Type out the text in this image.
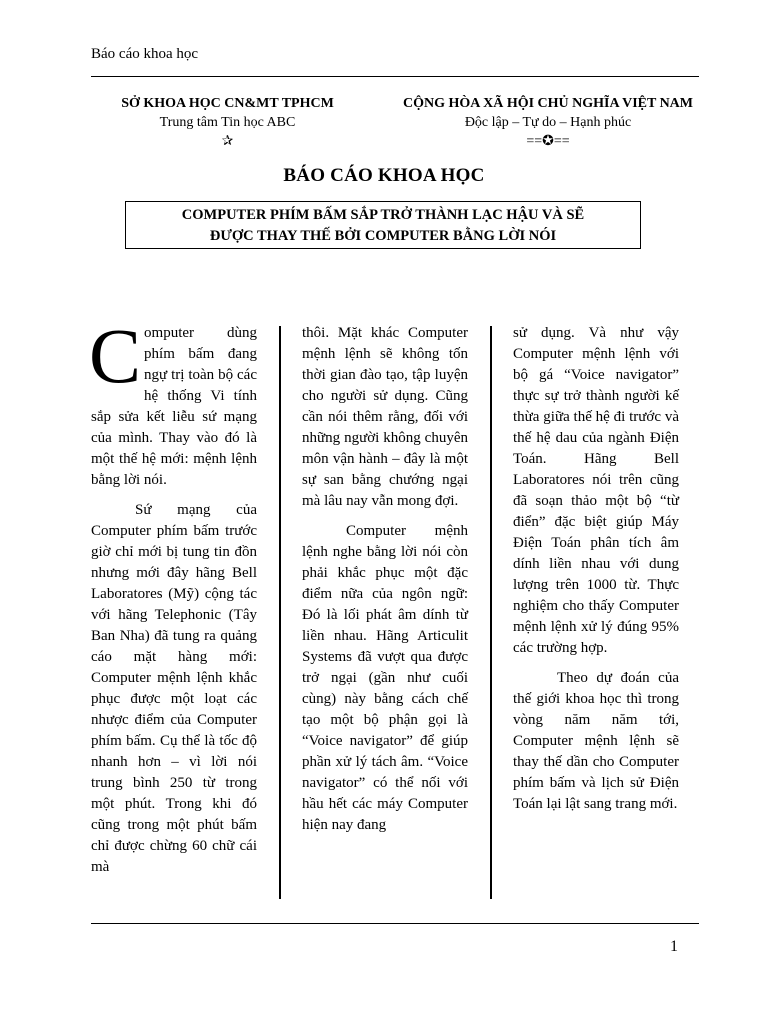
Báo cáo khoa học
SỞ KHOA HỌC CN&MT TPHCM
Trung tâm Tin học ABC
✰
CỘNG HÒA XÃ HỘI CHỦ NGHĨA VIỆT NAM
Độc lập – Tự do – Hạnh phúc
==✪==
BÁO CÁO KHOA HỌC
COMPUTER PHÍM BẤM SẮP TRỞ THÀNH LẠC HẬU VÀ SẼ
ĐƯỢC THAY THẾ BỞI COMPUTER BẰNG LỜI NÓI

Computer dùng phím bấm đang ngự trị toàn bộ các hệ thống Vi tính sắp sửa kết liễu sứ mạng của mình. Thay vào đó là một thế hệ mới: mệnh lệnh bằng lời nói.

Sứ mạng của Computer phím bấm trước giờ chỉ mới bị tung tin đồn nhưng mới đây hãng Bell Laboratores (Mỹ) cộng tác với hãng Telephonic (Tây Ban Nha) đã tung ra quảng cáo mặt hàng mới: Computer mệnh lệnh khắc phục được một loạt các nhược điểm của Computer phím bấm. Cụ thể là tốc độ nhanh hơn – vì lời nói trung bình 250 từ trong một phút. Trong khi đó cũng trong một phút bấm chỉ được chừng 60 chữ cái mà

thôi. Mặt khác Computer mệnh lệnh sẽ không tốn thời gian đào tạo, tập luyện cho người sử dụng. Cũng cần nói thêm rằng, đối với những người không chuyên môn vận hành – đây là một sự san bằng chướng ngại mà lâu nay vẫn mong đợi.

Computer mệnh lệnh nghe bằng lời nói còn phải khắc phục một đặc điểm nữa của ngôn ngữ: Đó là lối phát âm dính từ liền nhau. Hãng Articulit Systems đã vượt qua được trở ngại (gần như cuối cùng) này bằng cách chế tạo một bộ phận gọi là “Voice navigator” để giúp phần xử lý tách âm. “Voice navigator” có thể nối với hầu hết các máy Computer hiện nay đang

sử dụng. Và như vậy Computer mệnh lệnh với bộ gá “Voice navigator” thực sự trở thành người kế thừa giữa thế hệ đi trước và thế hệ dau của ngành Điện Toán. Hãng Bell Laboratores nói trên cũng đã soạn thảo một bộ “từ điển” đặc biệt giúp Máy Điện Toán phân tích âm dính liền nhau với dung lượng trên 1000 từ. Thực nghiệm cho thấy Computer mệnh lệnh xử lý đúng 95% các trường hợp.

Theo dự đoán của thế giới khoa học thì trong vòng năm năm tới, Computer mệnh lệnh sẽ thay thế dần cho Computer phím bấm và lịch sử Điện Toán lại lật sang trang mới.

1
